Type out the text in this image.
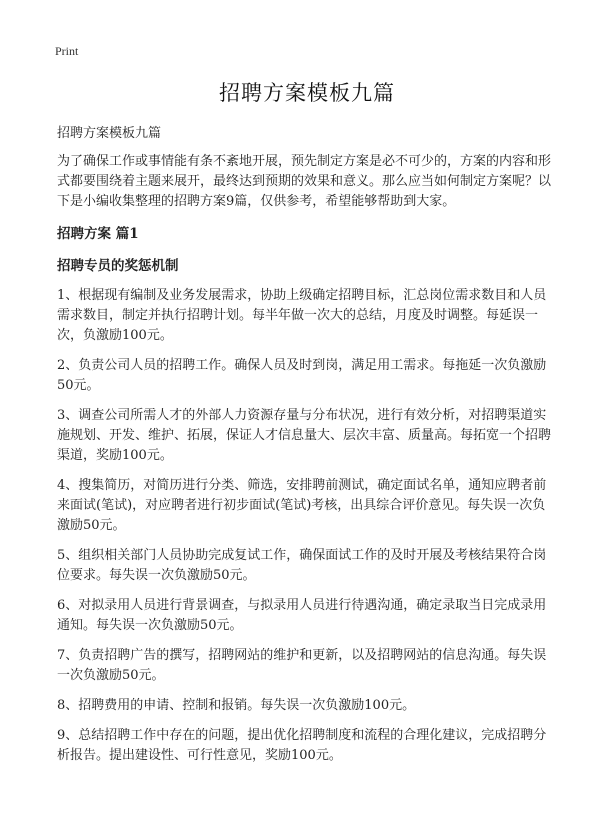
Print
招聘方案模板九篇

招聘方案模板九篇

为了确保工作或事情能有条不紊地开展，预先制定方案是必不可少的，方案的内容和形式都要围绕着主题来展开，最终达到预期的效果和意义。那么应当如何制定方案呢？以下是小编收集整理的招聘方案9篇，仅供参考，希望能够帮助到大家。

招聘方案 篇1

招聘专员的奖惩机制

1、根据现有编制及业务发展需求，协助上级确定招聘目标，汇总岗位需求数目和人员需求数目，制定并执行招聘计划。每半年做一次大的总结，月度及时调整。每延误一次，负激励100元。

2、负责公司人员的招聘工作。确保人员及时到岗，满足用工需求。每拖延一次负激励50元。

3、调查公司所需人才的外部人力资源存量与分布状况，进行有效分析，对招聘渠道实施规划、开发、维护、拓展，保证人才信息量大、层次丰富、质量高。每拓宽一个招聘渠道，奖励100元。

4、搜集简历，对简历进行分类、筛选，安排聘前测试，确定面试名单，通知应聘者前来面试(笔试)，对应聘者进行初步面试(笔试)考核，出具综合评价意见。每失误一次负激励50元。

5、组织相关部门人员协助完成复试工作，确保面试工作的及时开展及考核结果符合岗位要求。每失误一次负激励50元。

6、对拟录用人员进行背景调查，与拟录用人员进行待遇沟通，确定录取当日完成录用通知。每失误一次负激励50元。

7、负责招聘广告的撰写，招聘网站的维护和更新，以及招聘网站的信息沟通。每失误一次负激励50元。

8、招聘费用的申请、控制和报销。每失误一次负激励100元。

9、总结招聘工作中存在的问题，提出优化招聘制度和流程的合理化建议，完成招聘分析报告。提出建设性、可行性意见，奖励100元。
